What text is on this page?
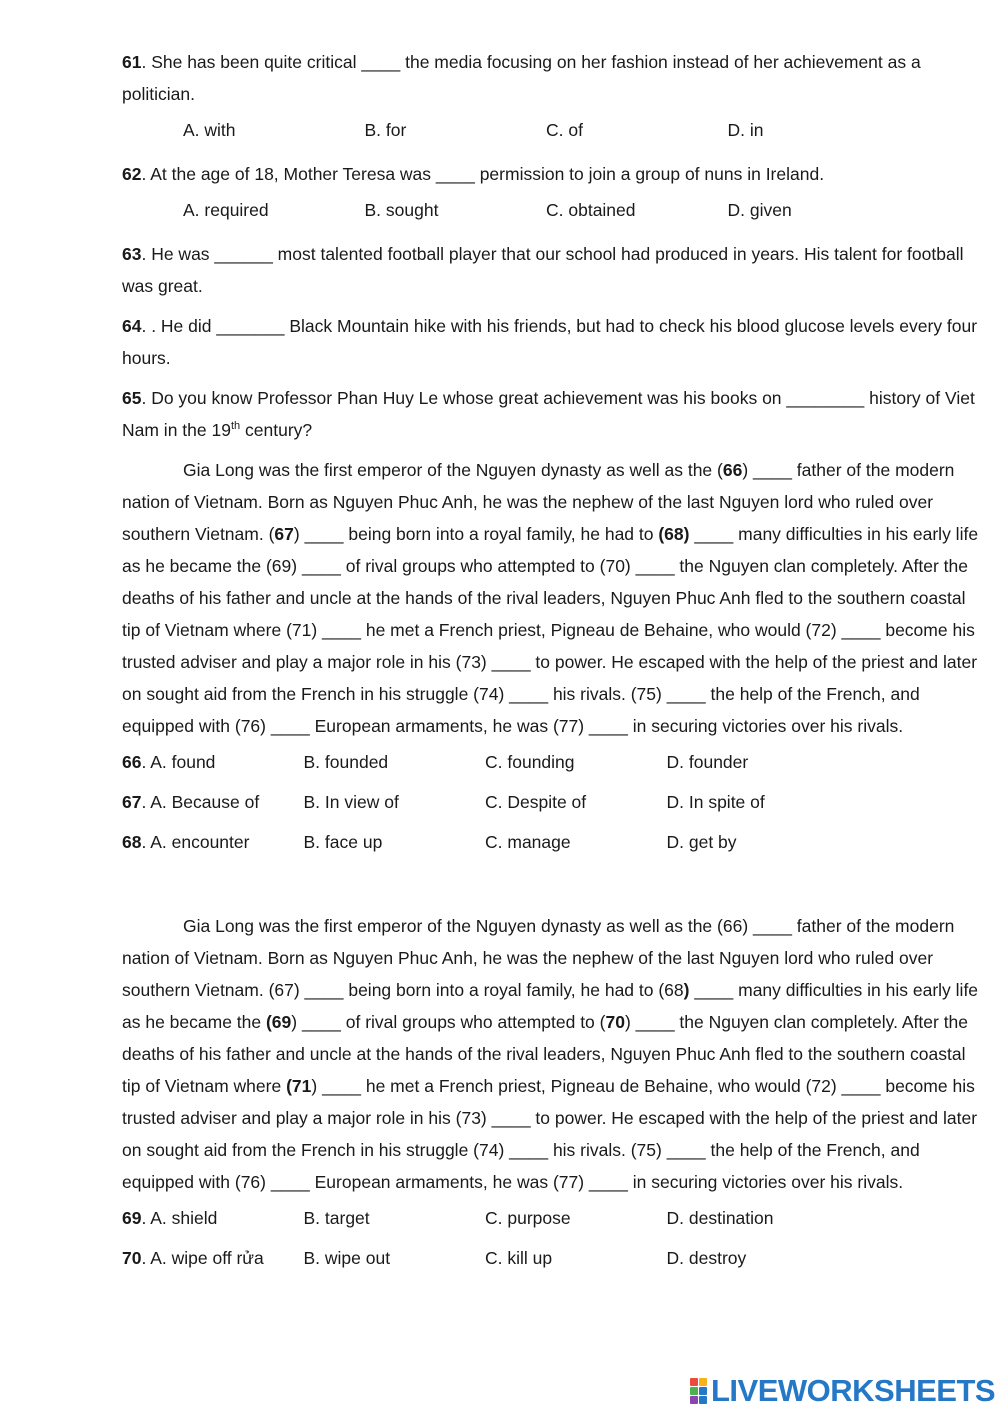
61. She has been quite critical ____ the media focusing on her fashion instead of her achievement as a politician.

A. with	B. for	C. of	D. in

62. At the age of 18, Mother Teresa was ____ permission to join a group of nuns in Ireland.

A. required	B. sought	C. obtained	D. given

63. He was ______ most talented football player that our school had produced in years. His talent for football was great.

64. . He did _______ Black Mountain hike with his friends, but had to check his blood glucose levels every four hours.

65. Do you know Professor Phan Huy Le whose great achievement was his books on ________ history of Viet Nam in the 19th century?

Gia Long was the first emperor of the Nguyen dynasty as well as the (66) ____ father of the modern nation of Vietnam. Born as Nguyen Phuc Anh, he was the nephew of the last Nguyen lord who ruled over southern Vietnam. (67) ____ being born into a royal family, he had to (68) ____ many difficulties in his early life as he became the (69) ____ of rival groups who attempted to (70) ____ the Nguyen clan completely. After the deaths of his father and uncle at the hands of the rival leaders, Nguyen Phuc Anh fled to the southern coastal tip of Vietnam where (71) ____ he met a French priest, Pigneau de Behaine, who would (72) ____ become his trusted adviser and play a major role in his (73) ____ to power. He escaped with the help of the priest and later on sought aid from the French in his struggle (74) ____ his rivals. (75) ____ the help of the French, and equipped with (76) ____ European armaments, he was (77) ____ in securing victories over his rivals.

66. A. found	B. founded	C. founding	D. founder
67. A. Because of	B. In view of	C. Despite of	D. In spite of
68. A. encounter	B. face up	C. manage	D. get by

Gia Long was the first emperor of the Nguyen dynasty as well as the (66) ____ father of the modern nation of Vietnam. Born as Nguyen Phuc Anh, he was the nephew of the last Nguyen lord who ruled over southern Vietnam. (67) ____ being born into a royal family, he had to (68) ____ many difficulties in his early life as he became the (69) ____ of rival groups who attempted to (70) ____ the Nguyen clan completely. After the deaths of his father and uncle at the hands of the rival leaders, Nguyen Phuc Anh fled to the southern coastal tip of Vietnam where (71) ____ he met a French priest, Pigneau de Behaine, who would (72) ____ become his trusted adviser and play a major role in his (73) ____ to power. He escaped with the help of the priest and later on sought aid from the French in his struggle (74) ____ his rivals. (75) ____ the help of the French, and equipped with (76) ____ European armaments, he was (77) ____ in securing victories over his rivals.

69. A. shield	B. target	C. purpose	D. destination
70. A. wipe off rửa	B. wipe out	C. kill up	D. destroy
LIVEWORKSHEETS
